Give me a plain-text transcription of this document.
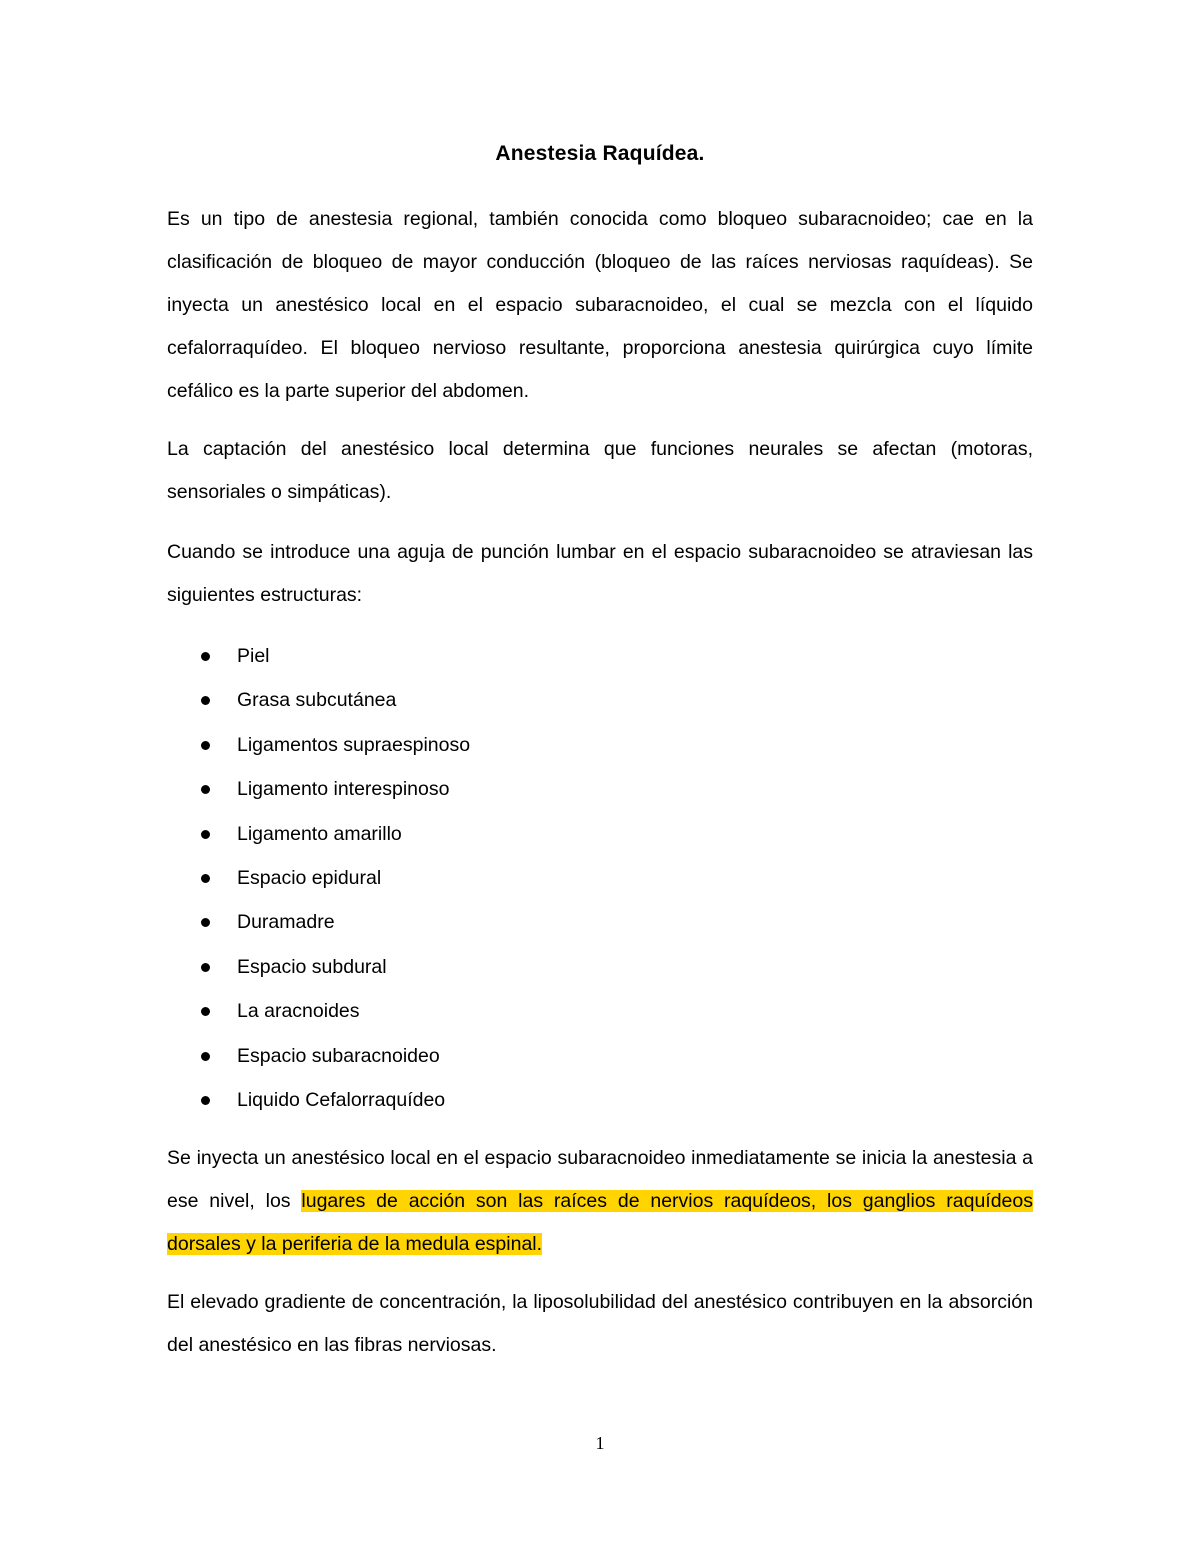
Anestesia Raquídea.

Es un tipo de anestesia regional, también conocida como bloqueo subaracnoideo; cae en la clasificación de bloqueo de mayor conducción (bloqueo de las raíces nerviosas raquídeas). Se inyecta un anestésico local en el espacio subaracnoideo, el cual se mezcla con el líquido cefalorraquídeo. El bloqueo nervioso resultante, proporciona anestesia quirúrgica cuyo límite cefálico es la parte superior del abdomen.

La captación del anestésico local determina que funciones neurales se afectan (motoras, sensoriales o simpáticas).

Cuando se introduce una aguja de punción lumbar en el espacio subaracnoideo se atraviesan las siguientes estructuras:

Piel
Grasa subcutánea
Ligamentos supraespinoso
Ligamento interespinoso
Ligamento amarillo
Espacio epidural
Duramadre
Espacio subdural
La aracnoides
Espacio subaracnoideo
Liquido Cefalorraquídeo

Se inyecta un anestésico local en el espacio subaracnoideo inmediatamente se inicia la anestesia a ese nivel, los lugares de acción son las raíces de nervios raquídeos, los ganglios raquídeos dorsales y la periferia de la medula espinal.

El elevado gradiente de concentración, la liposolubilidad del anestésico contribuyen en la absorción del anestésico en las fibras nerviosas.

1
